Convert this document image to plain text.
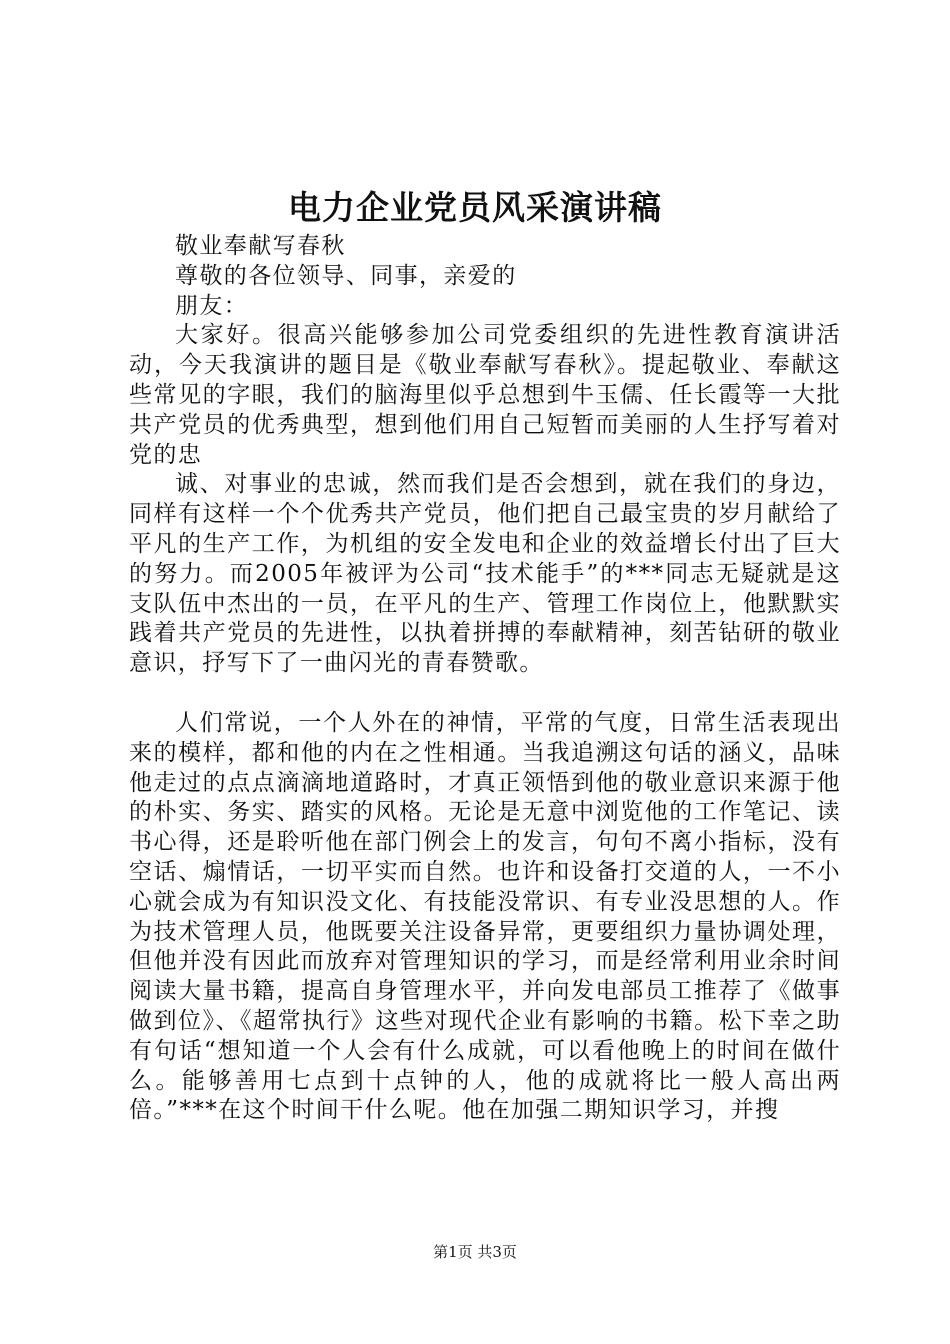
电力企业党员风采演讲稿

敬业奉献写春秋

尊敬的各位领导、同事，亲爱的

朋友：

大家好。很高兴能够参加公司党委组织的先进性教育演讲活动，今天我演讲的题目是《敬业奉献写春秋》。提起敬业、奉献这些常见的字眼，我们的脑海里似乎总想到牛玉儒、任长霞等一大批共产党员的优秀典型，想到他们用自己短暂而美丽的人生抒写着对党的忠

诚、对事业的忠诚，然而我们是否会想到，就在我们的身边，同样有这样一个个优秀共产党员，他们把自己最宝贵的岁月献给了平凡的生产工作，为机组的安全发电和企业的效益增长付出了巨大的努力。而2005年被评为公司“技术能手”的***同志无疑就是这支队伍中杰出的一员，在平凡的生产、管理工作岗位上，他默默实践着共产党员的先进性，以执着拼搏的奉献精神，刻苦钻研的敬业意识，抒写下了一曲闪光的青春赞歌。

人们常说，一个人外在的神情，平常的气度，日常生活表现出来的模样，都和他的内在之性相通。当我追溯这句话的涵义，品味他走过的点点滴滴地道路时，才真正领悟到他的敬业意识来源于他的朴实、务实、踏实的风格。无论是无意中浏览他的工作笔记、读书心得，还是聆听他在部门例会上的发言，句句不离小指标，没有空话、煽情话，一切平实而自然。也许和设备打交道的人，一不小心就会成为有知识没文化、有技能没常识、有专业没思想的人。作为技术管理人员，他既要关注设备异常，更要组织力量协调处理，但他并没有因此而放弃对管理知识的学习，而是经常利用业余时间阅读大量书籍，提高自身管理水平，并向发电部员工推荐了《做事做到位》、《超常执行》这些对现代企业有影响的书籍。松下幸之助有句话“想知道一个人会有什么成就，可以看他晚上的时间在做什么。能够善用七点到十点钟的人，他的成就将比一般人高出两倍。”***在这个时间干什么呢。他在加强二期知识学习，并搜

第1页 共3页
